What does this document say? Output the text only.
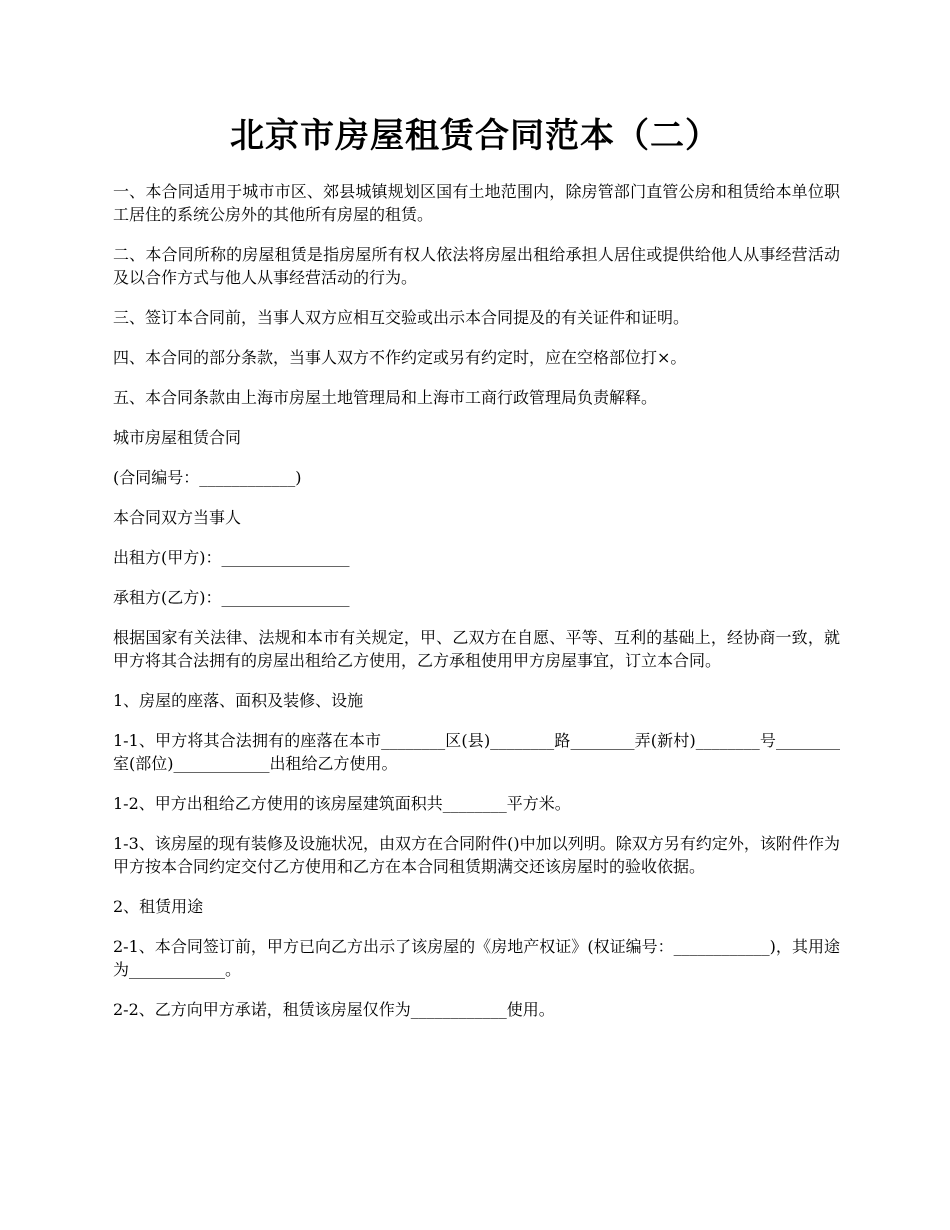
北京市房屋租赁合同范本（二）

一、本合同适用于城市市区、郊县城镇规划区国有土地范围内，除房管部门直管公房和租赁给本单位职工居住的系统公房外的其他所有房屋的租赁。

二、本合同所称的房屋租赁是指房屋所有权人依法将房屋出租给承担人居住或提供给他人从事经营活动及以合作方式与他人从事经营活动的行为。

三、签订本合同前，当事人双方应相互交验或出示本合同提及的有关证件和证明。

四、本合同的部分条款，当事人双方不作约定或另有约定时，应在空格部位打×。

五、本合同条款由上海市房屋土地管理局和上海市工商行政管理局负责解释。

城市房屋租赁合同

(合同编号：____________)

本合同双方当事人

出租方(甲方)：________________

承租方(乙方)：________________

根据国家有关法律、法规和本市有关规定，甲、乙双方在自愿、平等、互利的基础上，经协商一致，就甲方将其合法拥有的房屋出租给乙方使用，乙方承租使用甲方房屋事宜，订立本合同。

1、房屋的座落、面积及装修、设施

1-1、甲方将其合法拥有的座落在本市________区(县)________路________弄(新村)________号________室(部位)____________出租给乙方使用。

1-2、甲方出租给乙方使用的该房屋建筑面积共________平方米。

1-3、该房屋的现有装修及设施状况，由双方在合同附件()中加以列明。除双方另有约定外，该附件作为甲方按本合同约定交付乙方使用和乙方在本合同租赁期满交还该房屋时的验收依据。

2、租赁用途

2-1、本合同签订前，甲方已向乙方出示了该房屋的《房地产权证》(权证编号：____________)，其用途为____________。

2-2、乙方向甲方承诺，租赁该房屋仅作为____________使用。
